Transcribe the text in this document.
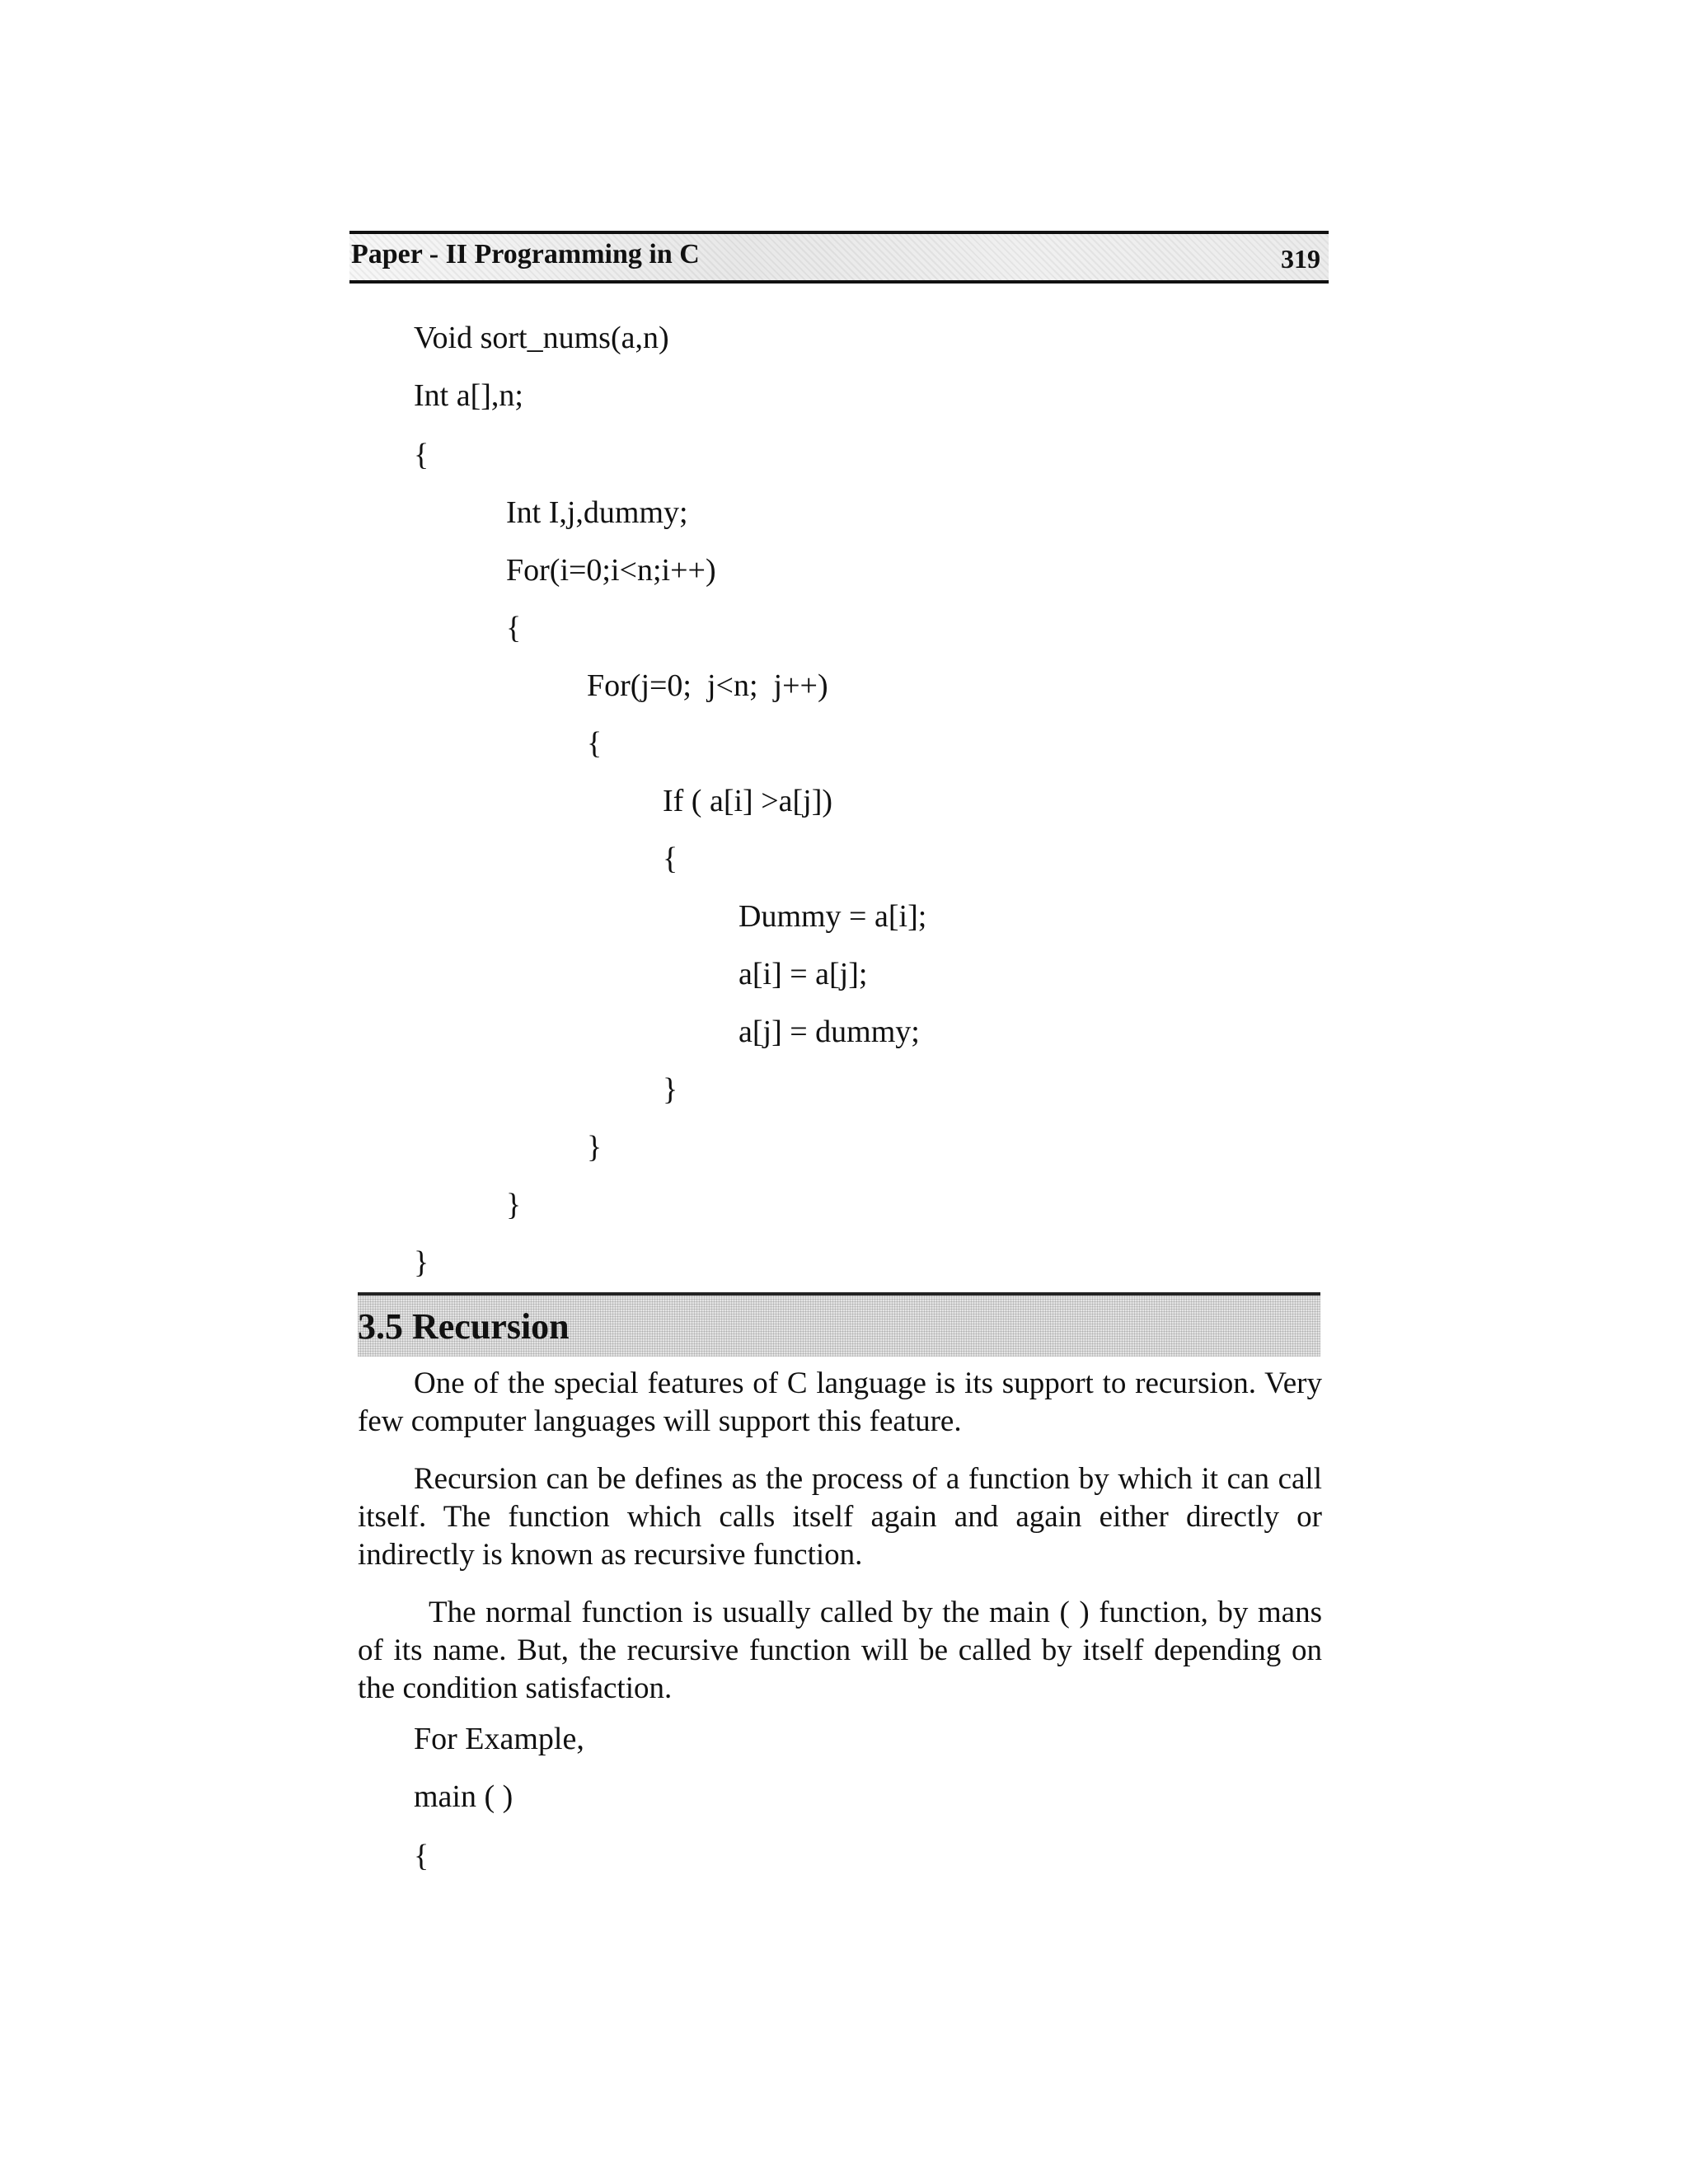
Paper - II Programming in C	319
Void sort_nums(a,n)
Int a[],n;
{
Int I,j,dummy;
For(i=0;i<n;i++)
{
For(j=0;  j<n;  j++)
{
If ( a[i] >a[j])
{
Dummy = a[i];
a[i] = a[j];
a[j] = dummy;
}
}
}
}
3.5 Recursion

One of the special features of C language is its support to recursion. Very few computer languages will support this feature.

Recursion can be defines as the process of a function by which it can call itself. The function which calls itself again and again either directly or indirectly is known as recursive function.

The normal function is usually called by the main ( ) function, by mans of its name. But, the recursive function will be called by itself depending on the condition satisfaction.

For Example,
main ( )
{
